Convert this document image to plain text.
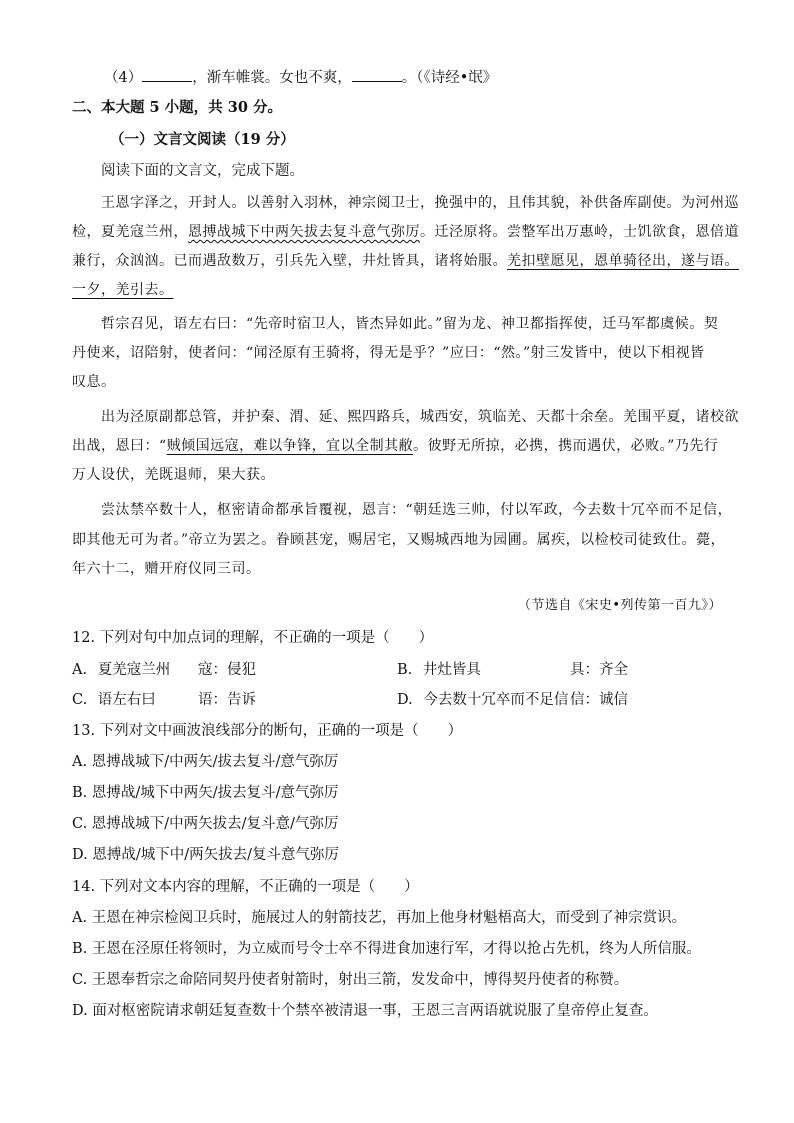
（4）	，渐车帷裳。女也不爽，	。（《诗经•氓》
二、本大题 5 小题，共 30 分。
（一）文言文阅读（19 分）
阅读下面的文言文，完成下题。
王恩字泽之，开封人。以善射入羽林，神宗阅卫士，挽强中的，且伟其貌，补供备库副使。为河州巡
检，夏羌寇兰州，恩搏战城下中两矢拔去复斗意气弥厉。迁泾原将。尝整军出万惠岭，士饥欲食，恩倍道
兼行，众汹汹。已而遇敌数万，引兵先入壁，井灶皆具，诸将始服。羌扣壁愿见，恩单骑径出，遂与语。
一夕，羌引去。
哲宗召见，语左右曰：“先帝时宿卫人，皆杰异如此。”留为龙、神卫都指挥使，迁马军都虞候。契
丹使来，诏陪射，使者问：“闻泾原有王骑将，得无是乎？”应曰：“然。”射三发皆中，使以下相视皆
叹息。
出为泾原副都总管，并护秦、渭、延、熙四路兵，城西安，筑临羌、天都十余垒。羌围平夏，诸校欲
出战，恩曰：“贼倾国远寇，难以争锋，宜以全制其敝。彼野无所掠，必携，携而遇伏，必败。”乃先行
万人设伏，羌既退师，果大获。
尝汰禁卒数十人，枢密请命都承旨覆视，恩言：“朝廷选三帅，付以军政，今去数十冗卒而不足信，
即其他无可为者。”帝立为罢之。眷顾甚宠，赐居宅，又赐城西地为园圃。属疾，以检校司徒致仕。薨，
年六十二，赠开府仪同三司。
（节选自《宋史•列传第一百九》）
12. 下列对句中加点词的理解，不正确的一项是（　　）
A. 夏羌寇兰州 寇：侵犯	B. 井灶皆具	具：齐全
C. 语左右曰	语：告诉	D. 今去数十冗卒而不足信 信：诚信
13. 下列对文中画波浪线部分的断句，正确的一项是（　　）
A. 恩搏战城下/中两矢/拔去复斗/意气弥厉
B. 恩搏战/城下中两矢/拔去复斗/意气弥厉
C. 恩搏战城下/中两矢拔去/复斗意/气弥厉
D. 恩搏战/城下中/两矢拔去/复斗意气弥厉
14. 下列对文本内容的理解，不正确的一项是（　　）
A. 王恩在神宗检阅卫兵时，施展过人的射箭技艺，再加上他身材魁梧高大，而受到了神宗赏识。
B. 王恩在泾原任将领时，为立威而号令士卒不得进食加速行军，才得以抢占先机，终为人所信服。
C. 王恩奉哲宗之命陪同契丹使者射箭时，射出三箭，发发命中，博得契丹使者的称赞。
D. 面对枢密院请求朝廷复查数十个禁卒被清退一事，王恩三言两语就说服了皇帝停止复查。
